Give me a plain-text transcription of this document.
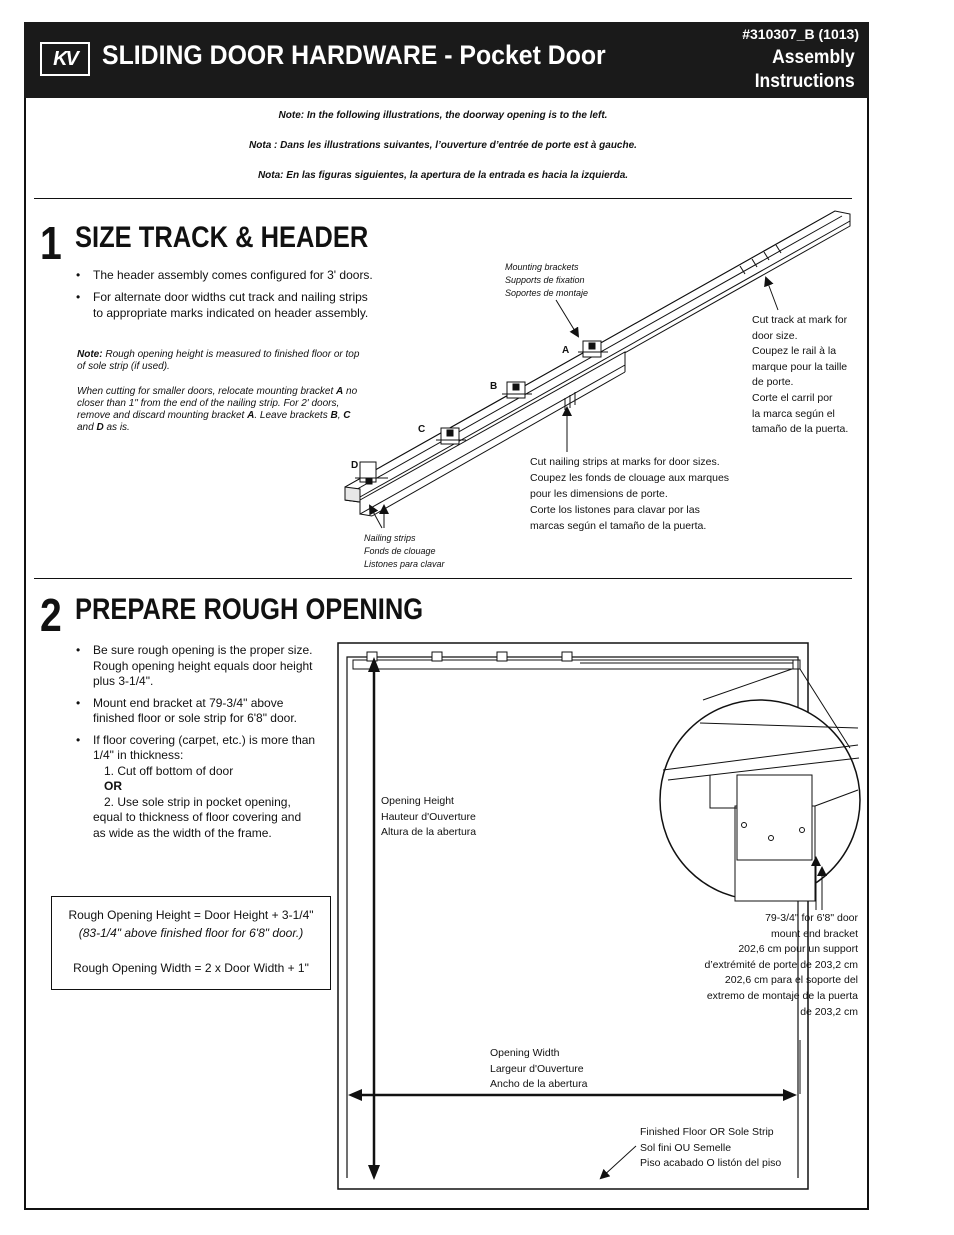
KV SLIDING DOOR HARDWARE - Pocket Door
#310307_B (1013)
Assembly
Instructions
Note: In the following illustrations, the doorway opening is to the left.
Nota : Dans les illustrations suivantes, l’ouverture d’entrée de porte est à gauche.
Nota: En las figuras siguientes, la apertura de la entrada es hacia la izquierda.
1 SIZE TRACK & HEADER
• The header assembly comes configured for 3' doors.
• For alternate door widths cut track and nailing strips to appropriate marks indicated on header assembly.
Note: Rough opening height is measured to finished floor or top of sole strip (if used).
When cutting for smaller doors, relocate mounting bracket A no closer than 1" from the end of the nailing strip. For 2' doors, remove and discard mounting bracket A. Leave brackets B, C and D as is.
Mounting brackets
Supports de fixation
Soportes de montaje
Cut track at mark for
door size.
Coupez le rail à la
marque pour la taille
de porte.
Corte el carril por
la marca según el
tamaño de la puerta.
Cut nailing strips at marks for door sizes.
Coupez les fonds de clouage aux marques
pour les dimensions de porte.
Corte los listones para clavar por las
marcas según el tamaño de la puerta.
Nailing strips
Fonds de clouage
Listones para clavar
A
B
C
D
2 PREPARE ROUGH OPENING
• Be sure rough opening is the proper size. Rough opening height equals door height plus 3-1/4".
• Mount end bracket at 79-3/4" above finished floor or sole strip for 6'8" door.
• If floor covering (carpet, etc.) is more than 1/4" in thickness:
1. Cut off bottom of door
OR
2. Use sole strip in pocket opening, equal to thickness of floor covering and as wide as the width of the frame.
Rough Opening Height = Door Height + 3-1/4"
(83-1/4" above finished floor for 6'8" door.)
Rough Opening Width = 2 x Door Width + 1"
Opening Height
Hauteur d'Ouverture
Altura de la abertura
Opening Width
Largeur d'Ouverture
Ancho de la abertura
Finished Floor OR Sole Strip
Sol fini OU Semelle
Piso acabado O listón del piso
79-3/4" for 6'8" door
mount end bracket
202,6 cm pour un support
d’extrémité de porte de 203,2 cm
202,6 cm para el soporte del
extremo de montaje de la puerta
de 203,2 cm
